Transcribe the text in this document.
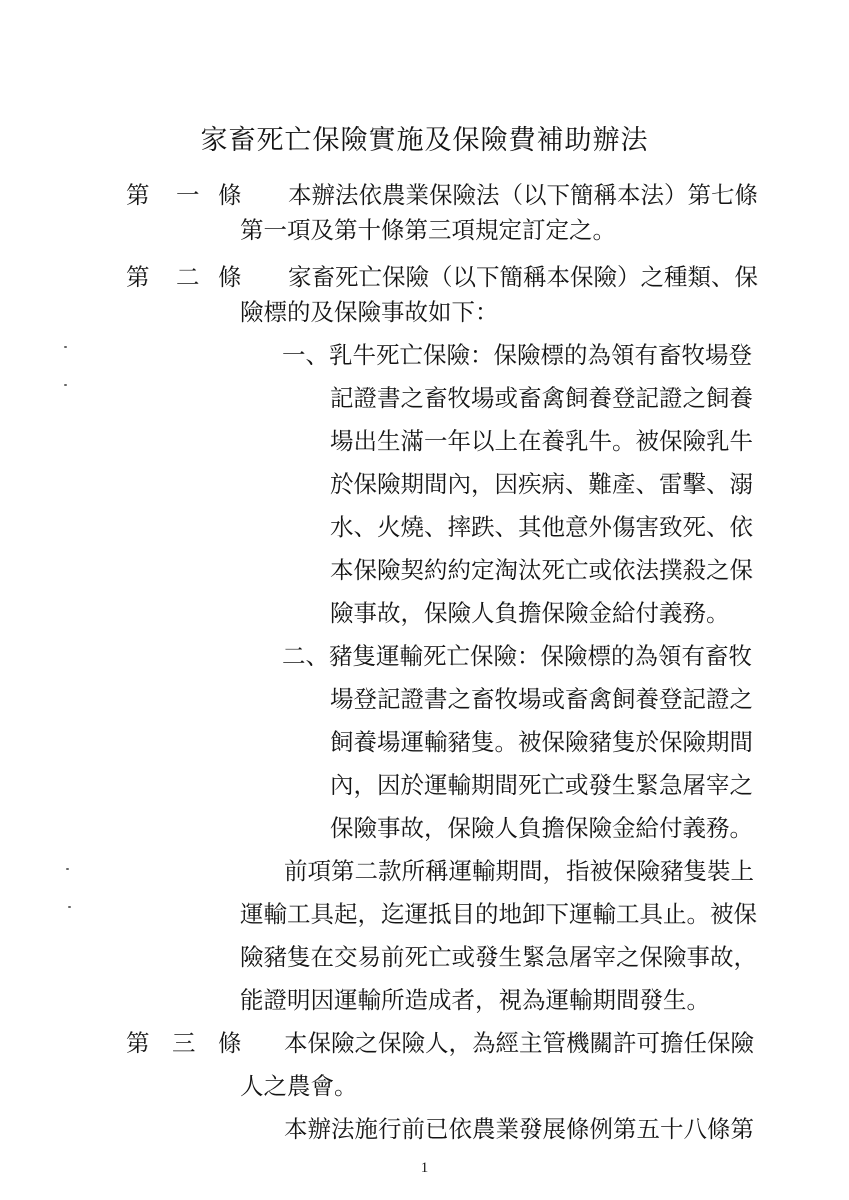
家畜死亡保險實施及保險費補助辦法
第 一 條 本辦法依農業保險法（以下簡稱本法）第七條
第一項及第十條第三項規定訂定之。
第 二 條 家畜死亡保險（以下簡稱本保險）之種類、保
險標的及保險事故如下：
一、乳牛死亡保險：保險標的為領有畜牧場登
記證書之畜牧場或畜禽飼養登記證之飼養
場出生滿一年以上在養乳牛。被保險乳牛
於保險期間內，因疾病、難產、雷擊、溺
水、火燒、摔跌、其他意外傷害致死、依
本保險契約約定淘汰死亡或依法撲殺之保
險事故，保險人負擔保險金給付義務。
二、豬隻運輸死亡保險：保險標的為領有畜牧
場登記證書之畜牧場或畜禽飼養登記證之
飼養場運輸豬隻。被保險豬隻於保險期間
內，因於運輸期間死亡或發生緊急屠宰之
保險事故，保險人負擔保險金給付義務。
前項第二款所稱運輸期間，指被保險豬隻裝上
運輸工具起，迄運抵目的地卸下運輸工具止。被保
險豬隻在交易前死亡或發生緊急屠宰之保險事故，
能證明因運輸所造成者，視為運輸期間發生。
第 三 條 本保險之保險人，為經主管機關許可擔任保險
人之農會。
本辦法施行前已依農業發展條例第五十八條第
1
